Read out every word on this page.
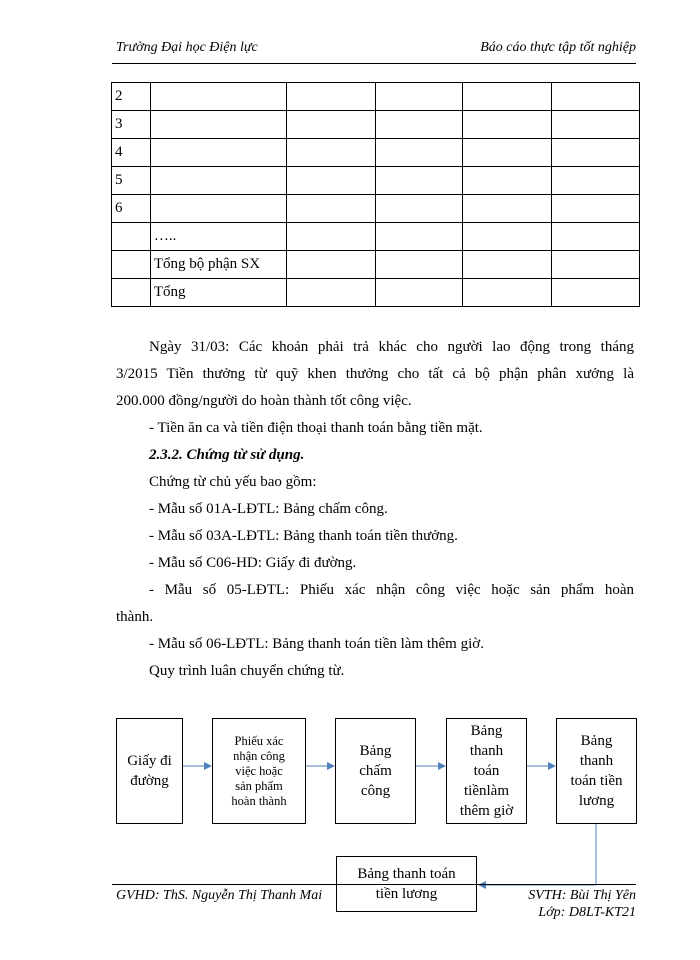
Trường Đại học Điện lực	Báo cáo thực tập tốt nghiệp
2					
3					
4					
5					
6					
	…..				
	Tổng bộ phận SX				
	Tổng				

Ngày 31/03: Các khoản phải trả khác cho người lao động trong tháng

3/2015 Tiền thưởng từ quỹ khen thưởng cho tất cả bộ phận phân xưởng là

200.000 đồng/người do hoàn thành tốt công việc.

- Tiền ăn ca và tiền điện thoại thanh toán bằng tiền mặt.

2.3.2. Chứng từ sử dụng.

Chứng từ chủ yếu bao gồm:

- Mẫu số 01A-LĐTL: Bảng chấm công.

- Mẫu số 03A-LĐTL: Bảng thanh toán tiền thưởng.

- Mẫu số C06-HD: Giấy đi đường.

- Mẫu số 05-LĐTL: Phiếu xác nhận công việc hoặc sản phẩm hoàn

thành.

- Mẫu số 06-LĐTL: Bảng thanh toán tiền làm thêm giờ.

Quy trình luân chuyển chứng từ.

Giấy đi
đường
Phiếu xác
nhận công
việc hoặc
sản phẩm
hoàn thành
Bảng
chấm
công
Bảng
thanh
toán
tiềnlàm
thêm giờ
Bảng
thanh
toán tiền
lương
Bảng thanh toán
tiền lương
GVHD: ThS. Nguyễn Thị Thanh Mai	SVTH: Bùi Thị Yên
Lớp: D8LT-KT21
